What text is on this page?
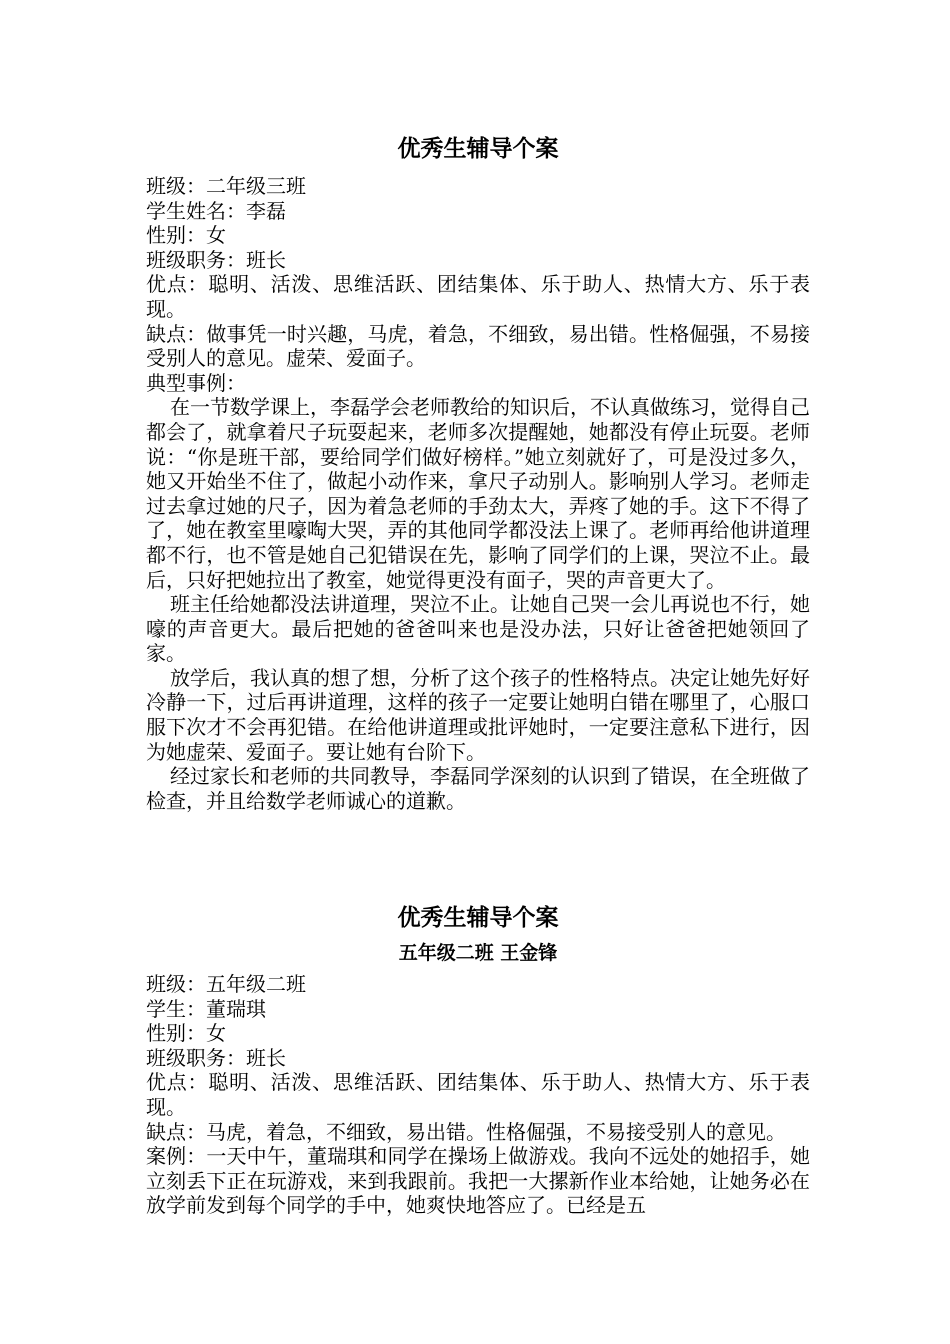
优秀生辅导个案

班级：二年级三班

学生姓名：李磊

性别：女

班级职务：班长

优点：聪明、活泼、思维活跃、团结集体、乐于助人、热情大方、乐于表现。

缺点：做事凭一时兴趣，马虎，着急，不细致，易出错。性格倔强，不易接受别人的意见。虚荣、爱面子。

典型事例：

在一节数学课上，李磊学会老师教给的知识后，不认真做练习，觉得自己都会了，就拿着尺子玩耍起来，老师多次提醒她，她都没有停止玩耍。老师说：“你是班干部，要给同学们做好榜样。”她立刻就好了，可是没过多久，她又开始坐不住了，做起小动作来，拿尺子动别人。影响别人学习。老师走过去拿过她的尺子，因为着急老师的手劲太大，弄疼了她的手。这下不得了了，她在教室里嚎啕大哭，弄的其他同学都没法上课了。老师再给他讲道理都不行，也不管是她自己犯错误在先，影响了同学们的上课，哭泣不止。最后，只好把她拉出了教室，她觉得更没有面子，哭的声音更大了。

班主任给她都没法讲道理，哭泣不止。让她自己哭一会儿再说也不行，她嚎的声音更大。最后把她的爸爸叫来也是没办法，只好让爸爸把她领回了家。

放学后，我认真的想了想，分析了这个孩子的性格特点。决定让她先好好冷静一下，过后再讲道理，这样的孩子一定要让她明白错在哪里了，心服口服下次才不会再犯错。在给他讲道理或批评她时，一定要注意私下进行，因为她虚荣、爱面子。要让她有台阶下。

经过家长和老师的共同教导，李磊同学深刻的认识到了错误，在全班做了检查，并且给数学老师诚心的道歉。

优秀生辅导个案
五年级二班 王金锋

班级：五年级二班

学生：董瑞琪

性别：女

班级职务：班长

优点：聪明、活泼、思维活跃、团结集体、乐于助人、热情大方、乐于表现。

缺点：马虎，着急，不细致，易出错。性格倔强，不易接受别人的意见。

案例：一天中午，董瑞琪和同学在操场上做游戏。我向不远处的她招手，她立刻丢下正在玩游戏，来到我跟前。我把一大摞新作业本给她，让她务必在放学前发到每个同学的手中，她爽快地答应了。已经是五
